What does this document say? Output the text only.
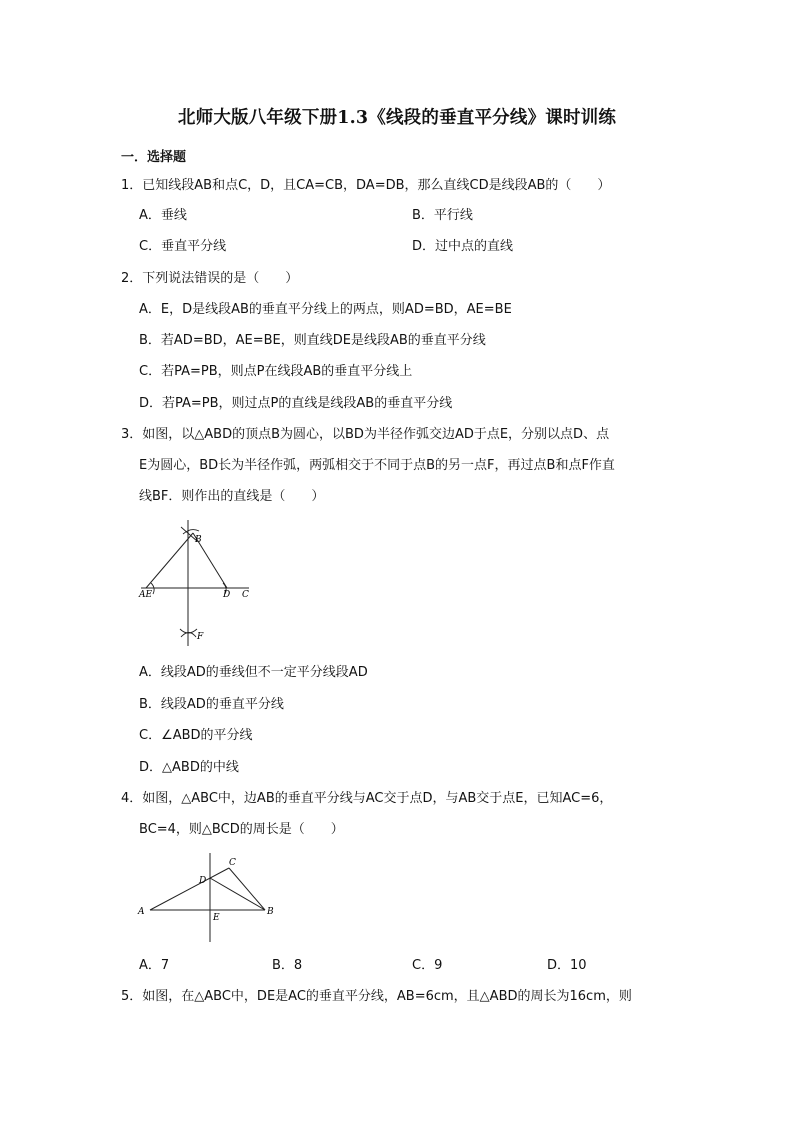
北师大版八年级下册1.3《线段的垂直平分线》课时训练
一．选择题
1．已知线段AB和点C，D，且CA=CB，DA=DB，那么直线CD是线段AB的（　　）
A．垂线	B．平行线
C．垂直平分线	D．过中点的直线
2．下列说法错误的是（　　）
A．E，D是线段AB的垂直平分线上的两点，则AD=BD，AE=BE
B．若AD=BD，AE=BE，则直线DE是线段AB的垂直平分线
C．若PA=PB，则点P在线段AB的垂直平分线上
D．若PA=PB，则过点P的直线是线段AB的垂直平分线
3．如图，以△ABD的顶点B为圆心，以BD为半径作弧交边AD于点E，分别以点D、点
E为圆心，BD长为半径作弧，两弧相交于不同于点B的另一点F，再过点B和点F作直
线BF．则作出的直线是（　　）
B
AE	D C
F
A．线段AD的垂线但不一定平分线段AD
B．线段AD的垂直平分线
C．∠ABD的平分线
D．△ABD的中线
4．如图，△ABC中，边AB的垂直平分线与AC交于点D，与AB交于点E，已知AC=6，
BC=4，则△BCD的周长是（　　）
A	B
C
D
E
A．7	B．8	C．9	D．10
5．如图，在△ABC中，DE是AC的垂直平分线，AB=6cm，且△ABD的周长为16cm，则
